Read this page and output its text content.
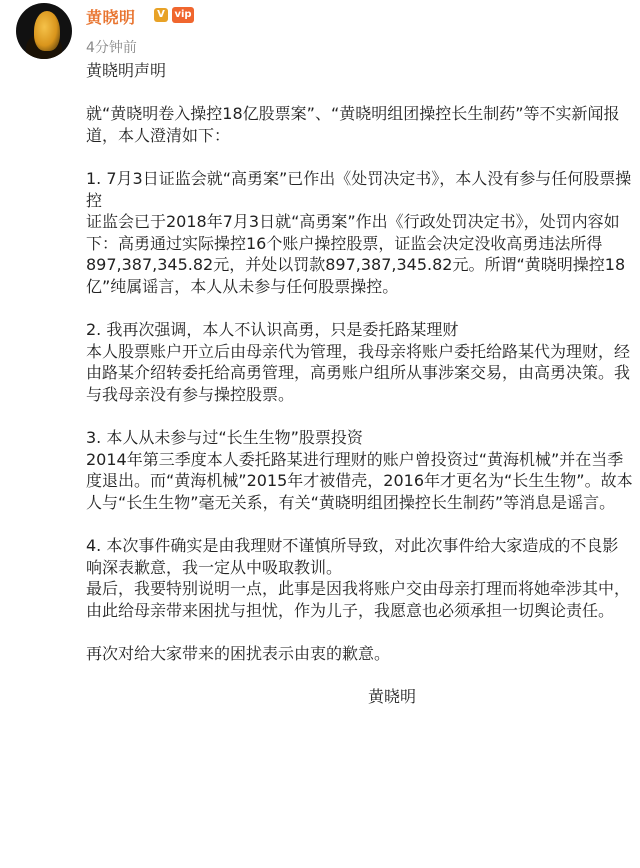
黄晓明	V vip
4分钟前

黄晓明声明

就“黄晓明卷入操控18亿股票案”、“黄晓明组团操控长生制药”等不实新闻报道，本人澄清如下：

1. 7月3日证监会就“高勇案”已作出《处罚决定书》，本人没有参与任何股票操控

证监会已于2018年7月3日就“高勇案”作出《行政处罚决定书》，处罚内容如下：高勇通过实际操控16个账户操控股票，证监会决定没收高勇违法所得897,387,345.82元，并处以罚款897,387,345.82元。所谓“黄晓明操控18亿”纯属谣言，本人从未参与任何股票操控。

2. 我再次强调，本人不认识高勇，只是委托路某理财

本人股票账户开立后由母亲代为管理，我母亲将账户委托给路某代为理财，经由路某介绍转委托给高勇管理，高勇账户组所从事涉案交易，由高勇决策。我与我母亲没有参与操控股票。

3. 本人从未参与过“长生生物”股票投资

2014年第三季度本人委托路某进行理财的账户曾投资过“黄海机械”并在当季度退出。而“黄海机械”2015年才被借壳，2016年才更名为“长生生物”。故本人与“长生生物”毫无关系，有关“黄晓明组团操控长生制药”等消息是谣言。

4. 本次事件确实是由我理财不谨慎所导致，对此次事件给大家造成的不良影响深表歉意，我一定从中吸取教训。

最后，我要特别说明一点，此事是因我将账户交由母亲打理而将她牵涉其中，由此给母亲带来困扰与担忧，作为儿子，我愿意也必须承担一切舆论责任。

再次对给大家带来的困扰表示由衷的歉意。

黄晓明
